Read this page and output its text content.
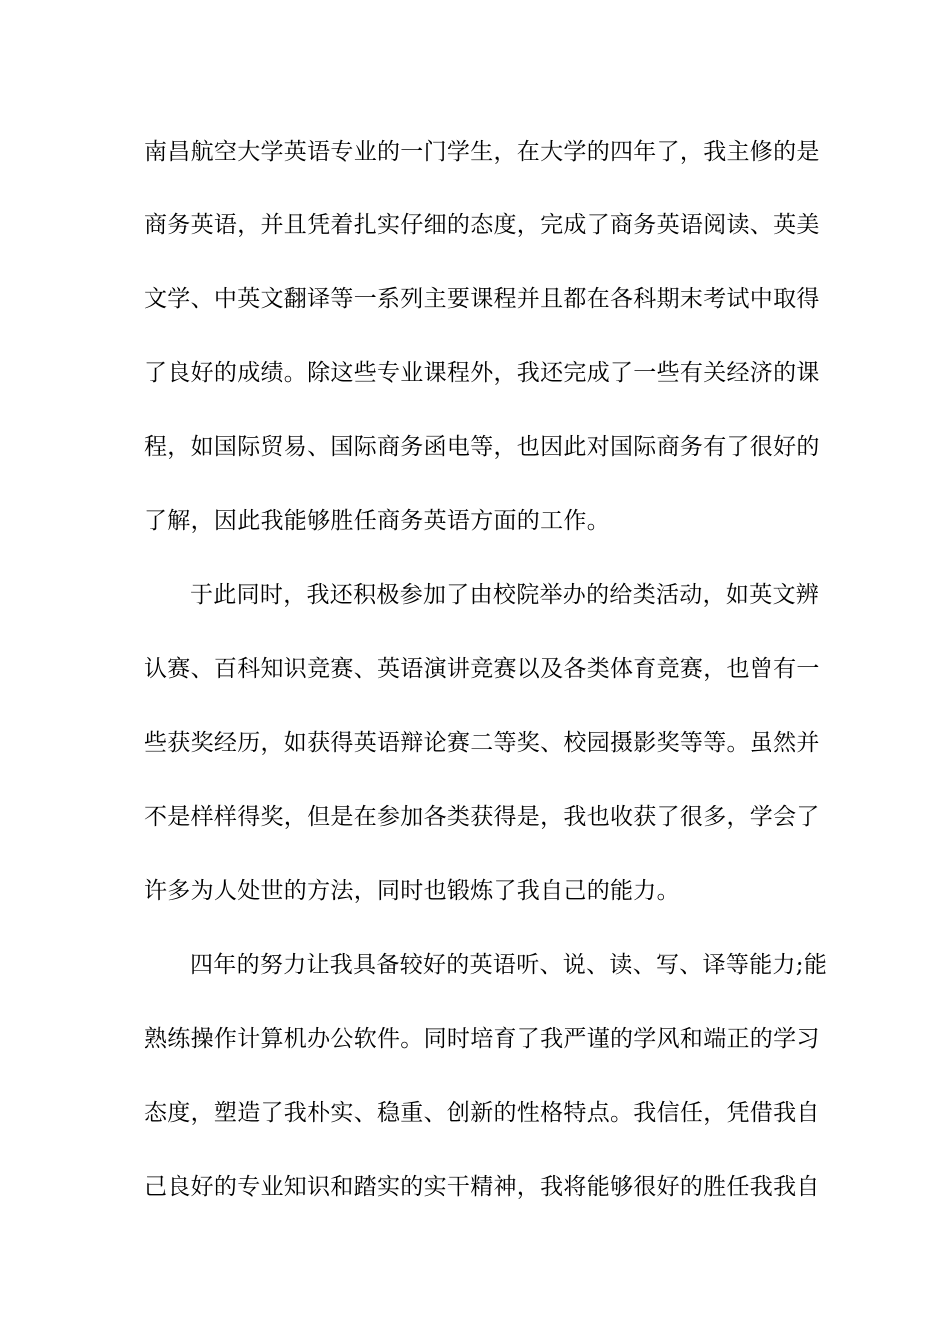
南昌航空大学英语专业的一门学生，在大学的四年了，我主修的是
商务英语，并且凭着扎实仔细的态度，完成了商务英语阅读、英美
文学、中英文翻译等一系列主要课程并且都在各科期末考试中取得
了良好的成绩。除这些专业课程外，我还完成了一些有关经济的课
程，如国际贸易、国际商务函电等，也因此对国际商务有了很好的
了解，因此我能够胜任商务英语方面的工作。
于此同时，我还积极参加了由校院举办的给类活动，如英文辨
认赛、百科知识竞赛、英语演讲竞赛以及各类体育竞赛，也曾有一
些获奖经历，如获得英语辩论赛二等奖、校园摄影奖等等。虽然并
不是样样得奖，但是在参加各类获得是，我也收获了很多，学会了
许多为人处世的方法，同时也锻炼了我自己的能力。
四年的努力让我具备较好的英语听、说、读、写、译等能力;能
熟练操作计算机办公软件。同时培育了我严谨的学风和端正的学习
态度，塑造了我朴实、稳重、创新的性格特点。我信任，凭借我自
己良好的专业知识和踏实的实干精神，我将能够很好的胜任我我自
